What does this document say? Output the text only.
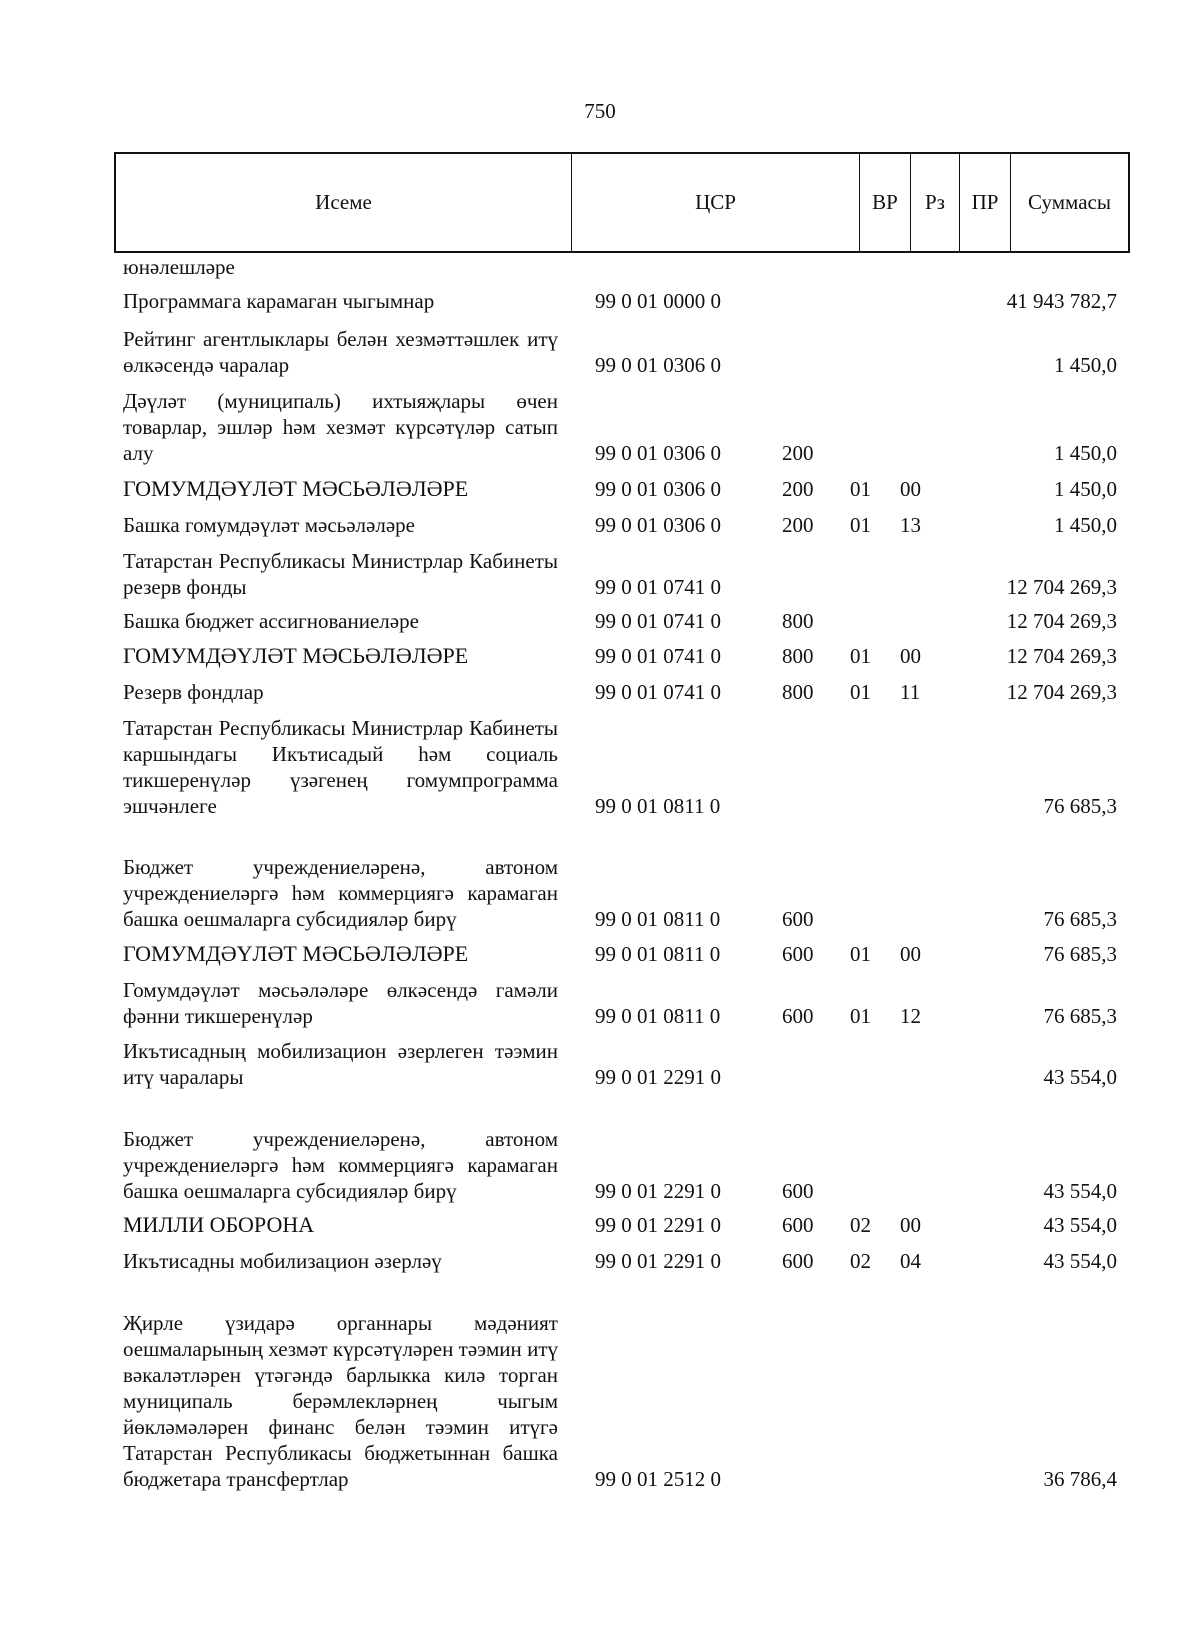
750
Исеме	ЦСР	ВР	Рз	ПР	Суммасы
юнәлешләре
Программага карамаган чыгымнар	99 0 01 0000 0	41 943 782,7
Рейтинг агентлыклары белән хезмәттәшлек итү өлкәсендә чаралар	99 0 01 0306 0	1 450,0
Дәүләт (муниципаль) ихтыяҗлары өчен товарлар, эшләр һәм хезмәт күрсәтүләр сатып алу	99 0 01 0306 0	200	1 450,0
ГОМУМДӘҮЛӘТ МӘСЬӘЛӘЛӘРЕ	99 0 01 0306 0	200 01 00	1 450,0
Башка гомумдәүләт мәсьәләләре	99 0 01 0306 0	200 01 13	1 450,0
Татарстан Республикасы Министрлар Кабинеты резерв фонды	99 0 01 0741 0	12 704 269,3
Башка бюджет ассигнованиеләре	99 0 01 0741 0	800	12 704 269,3
ГОМУМДӘҮЛӘТ МӘСЬӘЛӘЛӘРЕ	99 0 01 0741 0	800 01 00	12 704 269,3
Резерв фондлар	99 0 01 0741 0	800 01 11	12 704 269,3
Татарстан Республикасы Министрлар Кабинеты каршындагы Икътисадый һәм социаль тикшеренүләр үзәгенең гомумпрограмма эшчәнлеге	99 0 01 0811 0	76 685,3
Бюджет учреждениеләренә, автоном учреждениеләргә һәм коммерциягә карамаган башка оешмаларга субсидияләр бирү	99 0 01 0811 0	600	76 685,3
ГОМУМДӘҮЛӘТ МӘСЬӘЛӘЛӘРЕ	99 0 01 0811 0	600 01 00	76 685,3
Гомумдәүләт мәсьәләләре өлкәсендә гамәли фәнни тикшеренүләр	99 0 01 0811 0	600 01 12	76 685,3
Икътисадның мобилизацион әзерлеген тәэмин итү чаралары	99 0 01 2291 0	43 554,0
Бюджет учреждениеләренә, автоном учреждениеләргә һәм коммерциягә карамаган башка оешмаларга субсидияләр бирү	99 0 01 2291 0	600	43 554,0
МИЛЛИ ОБОРОНА	99 0 01 2291 0	600 02 00	43 554,0
Икътисадны мобилизацион әзерләү	99 0 01 2291 0	600 02 04	43 554,0
Җирле үзидарә органнары мәдәният оешмаларының хезмәт күрсәтүләрен тәэмин итү вәкаләтләрен үтәгәндә барлыкка килә торган муниципаль берәмлекләрнең чыгым йөкләмәләрен финанс белән тәэмин итүгә Татарстан Республикасы бюджетыннан башка бюджетара трансфертлар	99 0 01 2512 0	36 786,4
